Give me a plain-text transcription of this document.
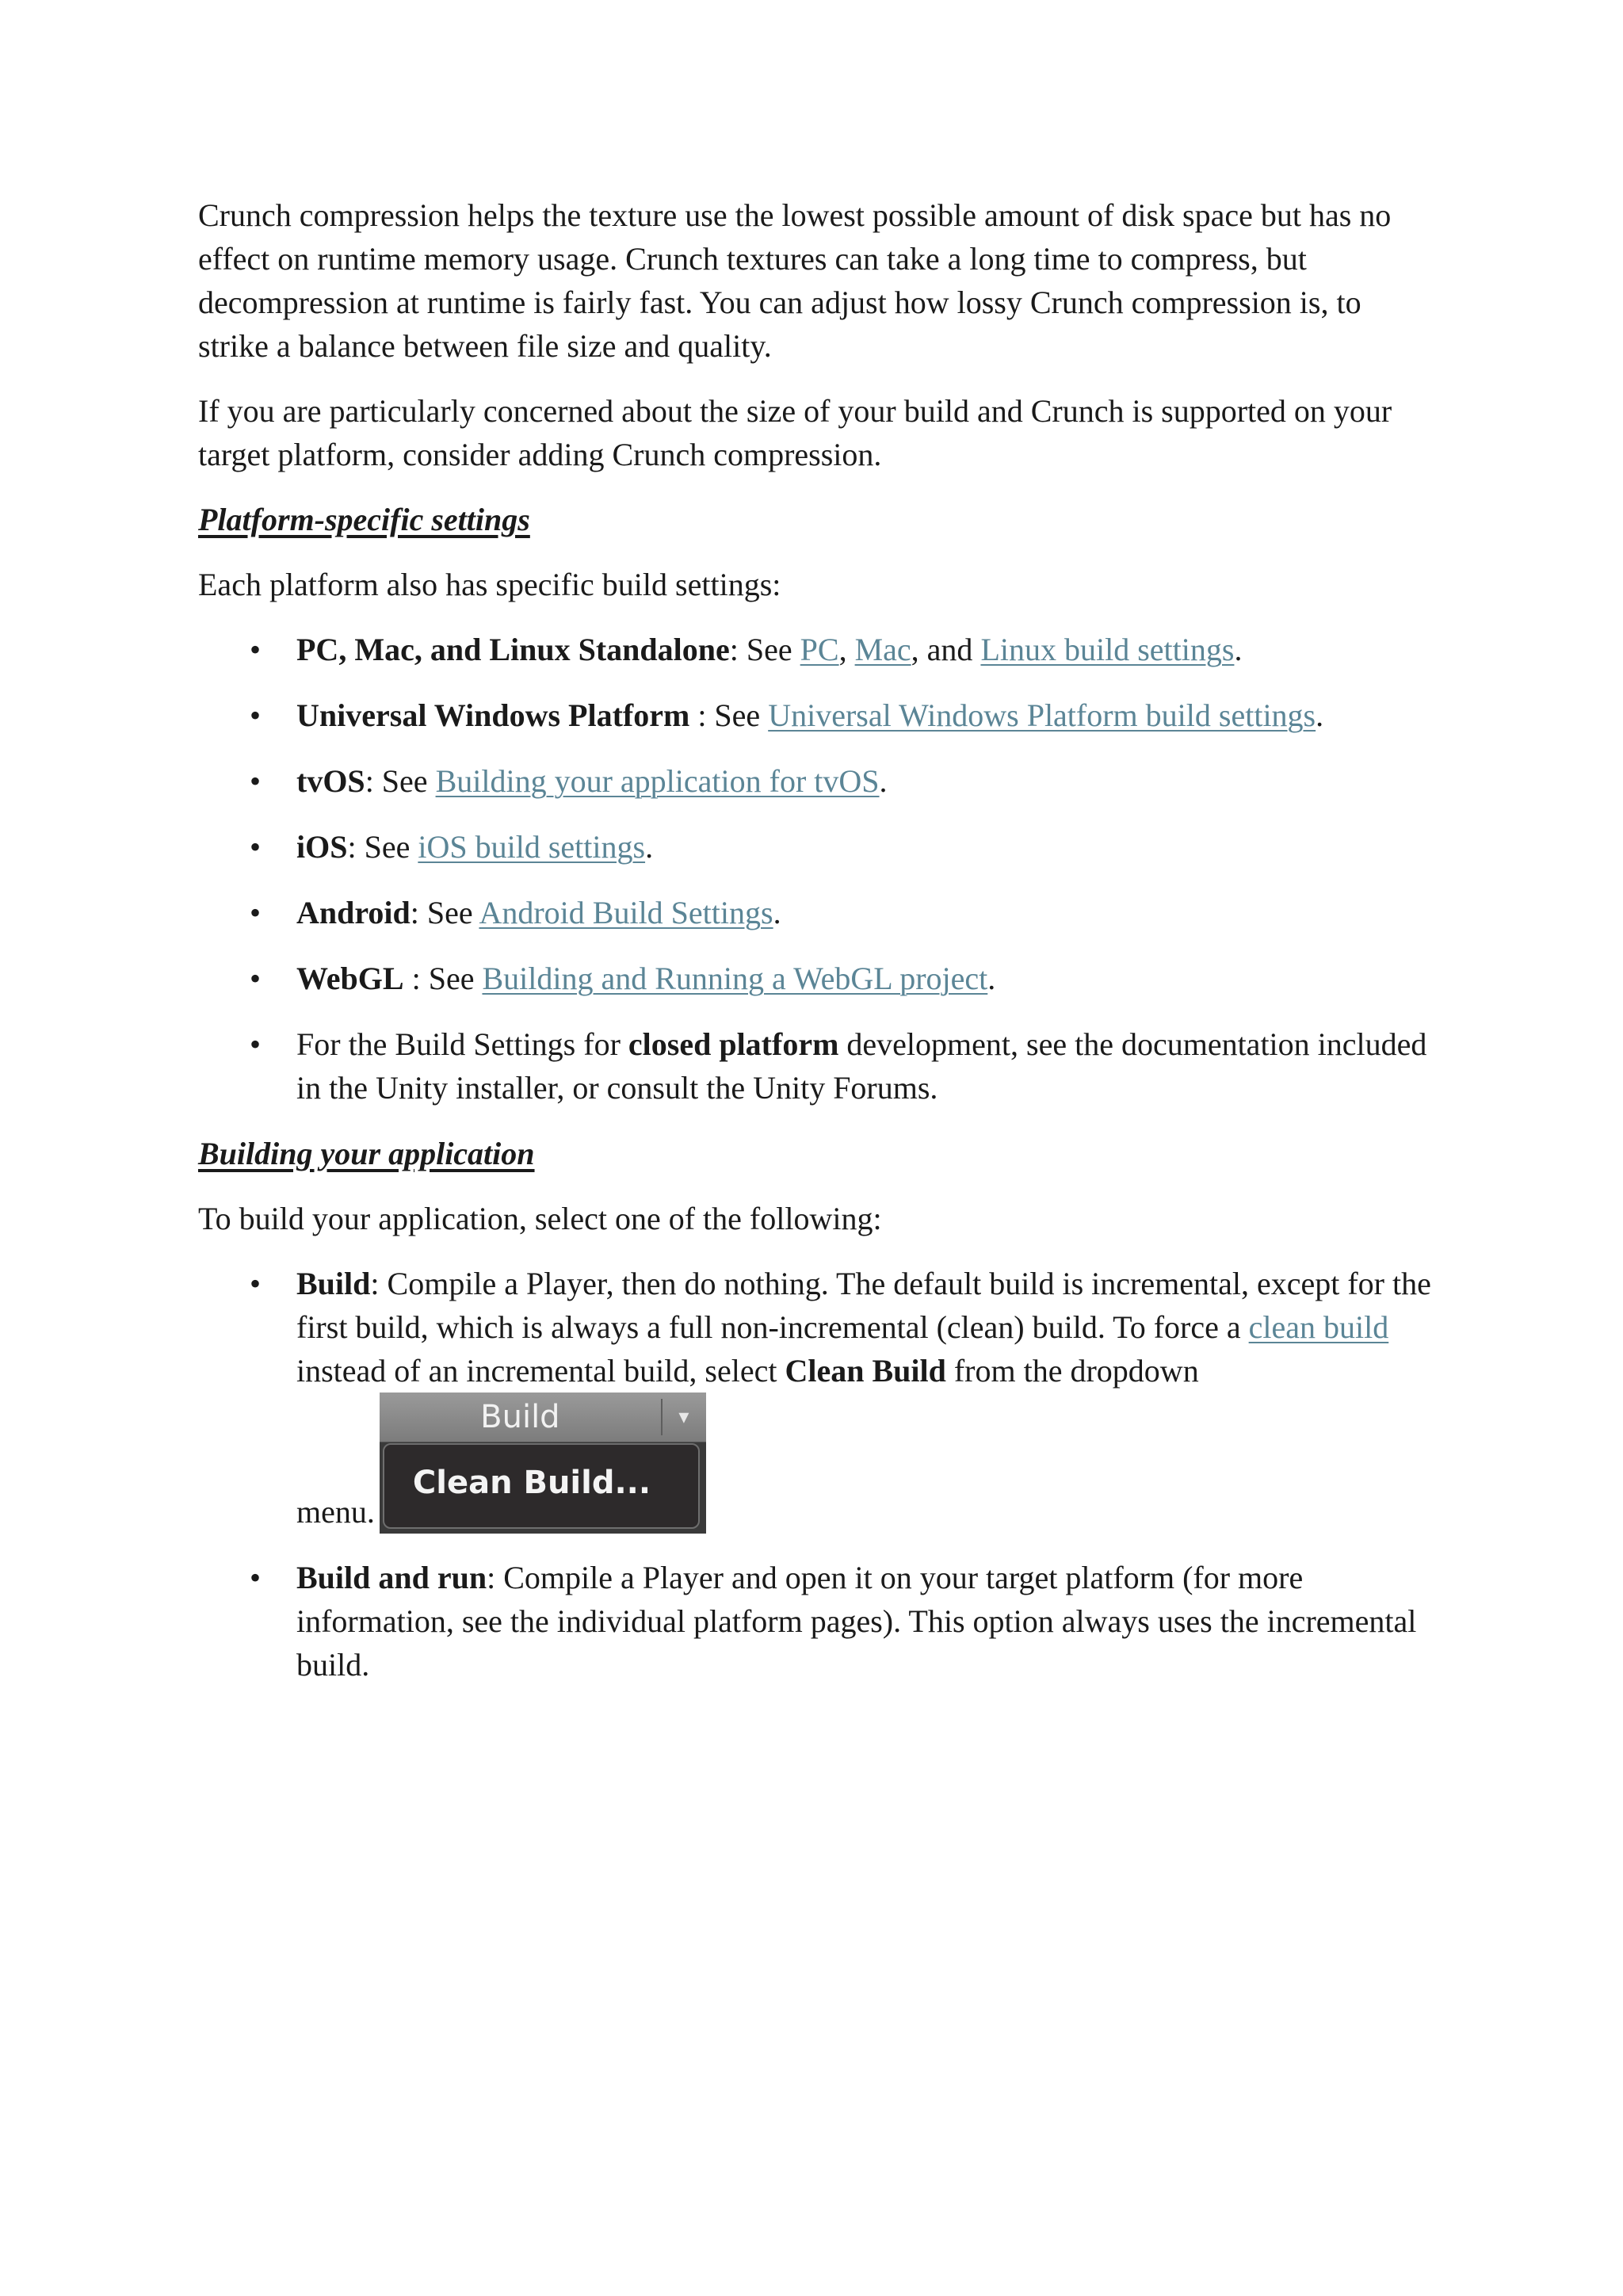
Crunch compression helps the texture use the lowest possible amount of disk space but has no effect on runtime memory usage. Crunch textures can take a long time to compress, but decompression at runtime is fairly fast. You can adjust how lossy Crunch compression is, to strike a balance between file size and quality.

If you are particularly concerned about the size of your build and Crunch is supported on your target platform, consider adding Crunch compression.

Platform-specific settings

Each platform also has specific build settings:

• PC, Mac, and Linux Standalone: See PC, Mac, and Linux build settings.
• Universal Windows Platform : See Universal Windows Platform build settings.
• tvOS: See Building your application for tvOS.
• iOS: See iOS build settings.
• Android: See Android Build Settings.
• WebGL : See Building and Running a WebGL project.
• For the Build Settings for closed platform development, see the documentation included in the Unity installer, or consult the Unity Forums.
Building your application

To build your application, select one of the following:

• Build: Compile a Player, then do nothing. The default build is incremental, except for the first build, which is always a full non-incremental (clean) build. To force a clean build instead of an incremental build, select Clean Build from the dropdown
menu.
Build	▾
Clean Build...
• Build and run: Compile a Player and open it on your target platform (for more information, see the individual platform pages). This option always uses the incremental build.
